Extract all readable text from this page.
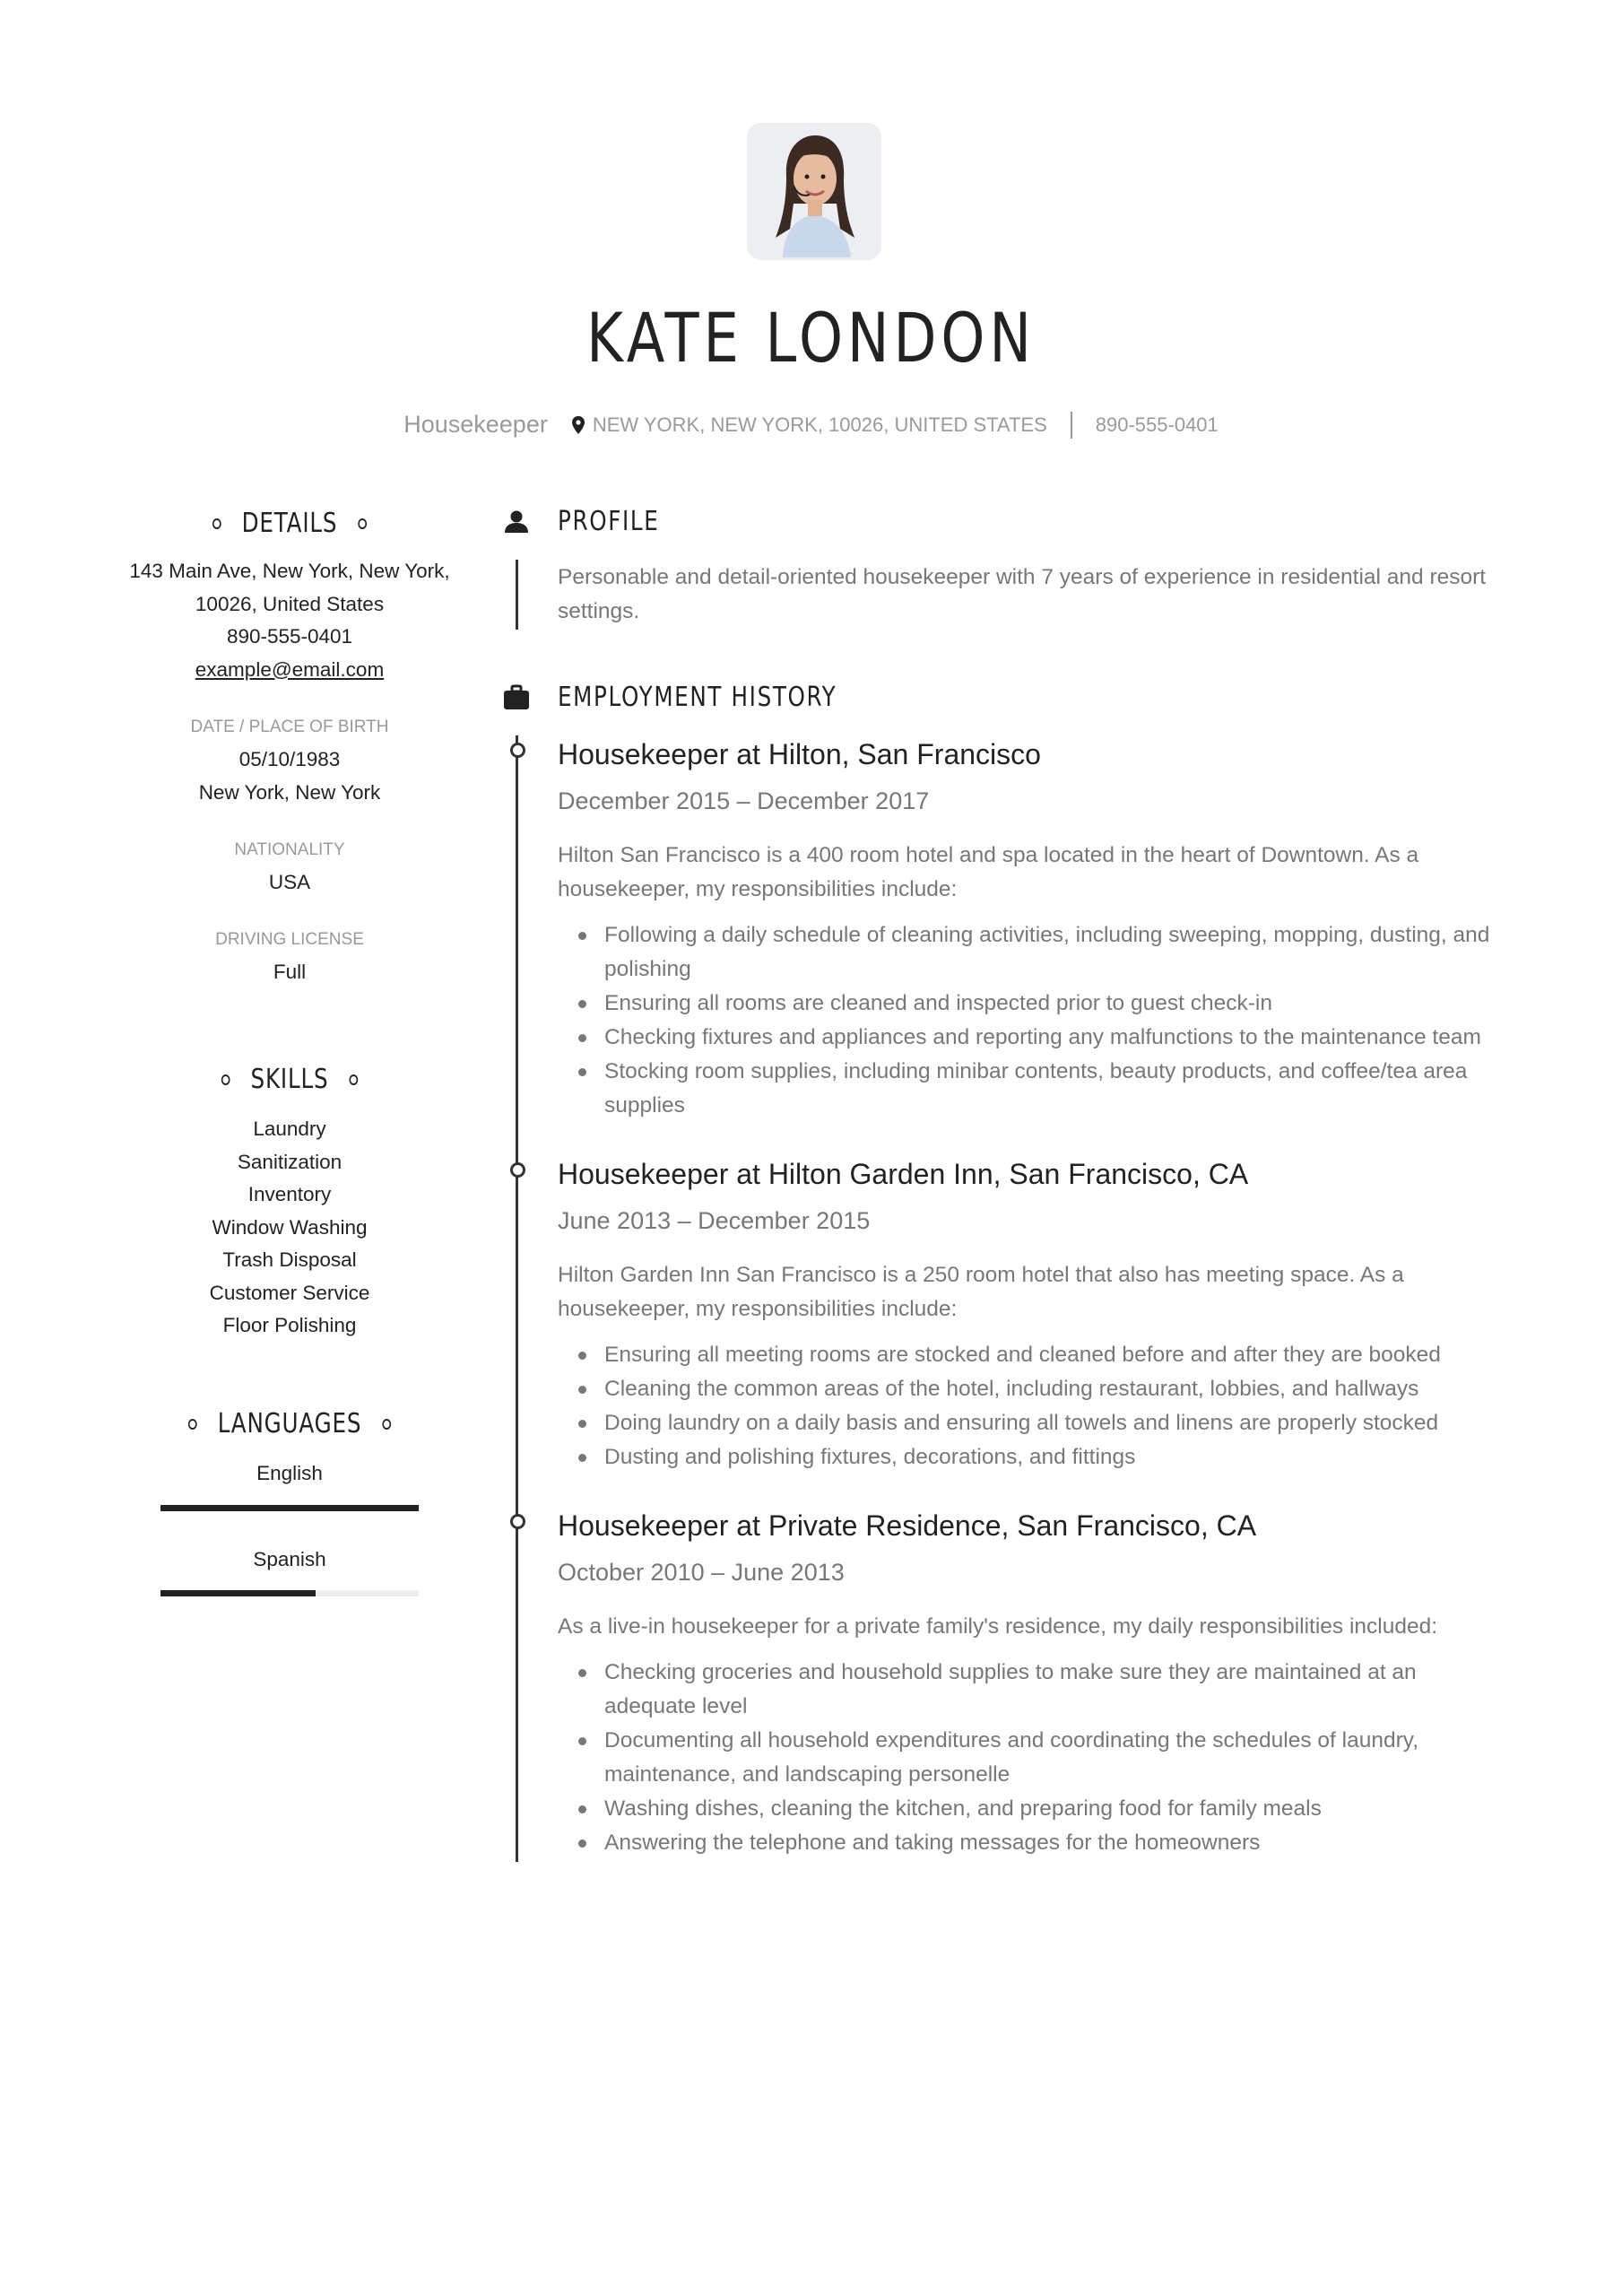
KATE LONDON
Housekeeper NEW YORK, NEW YORK, 10026, UNITED STATES 890-555-0401
DETAILS
143 Main Ave, New York, New York,
10026, United States
890-555-0401
example@email.com
DATE / PLACE OF BIRTH
05/10/1983
New York, New York
NATIONALITY
USA
DRIVING LICENSE
Full
SKILLS
Laundry
Sanitization
Inventory
Window Washing
Trash Disposal
Customer Service
Floor Polishing
LANGUAGES
English
Spanish
PROFILE
Personable and detail-oriented housekeeper with 7 years of experience in residential and resort settings.
EMPLOYMENT HISTORY
Housekeeper at Hilton, San Francisco
December 2015 – December 2017
Hilton San Francisco is a 400 room hotel and spa located in the heart of Downtown. As a housekeeper, my responsibilities include:
Following a daily schedule of cleaning activities, including sweeping, mopping, dusting, and polishing
Ensuring all rooms are cleaned and inspected prior to guest check-in
Checking fixtures and appliances and reporting any malfunctions to the maintenance team
Stocking room supplies, including minibar contents, beauty products, and coffee/tea area supplies
Housekeeper at Hilton Garden Inn, San Francisco, CA
June 2013 – December 2015
Hilton Garden Inn San Francisco is a 250 room hotel that also has meeting space. As a housekeeper, my responsibilities include:
Ensuring all meeting rooms are stocked and cleaned before and after they are booked
Cleaning the common areas of the hotel, including restaurant, lobbies, and hallways
Doing laundry on a daily basis and ensuring all towels and linens are properly stocked
Dusting and polishing fixtures, decorations, and fittings
Housekeeper at Private Residence, San Francisco, CA
October 2010 – June 2013
As a live-in housekeeper for a private family's residence, my daily responsibilities included:
Checking groceries and household supplies to make sure they are maintained at an adequate level
Documenting all household expenditures and coordinating the schedules of laundry, maintenance, and landscaping personelle
Washing dishes, cleaning the kitchen, and preparing food for family meals
Answering the telephone and taking messages for the homeowners
